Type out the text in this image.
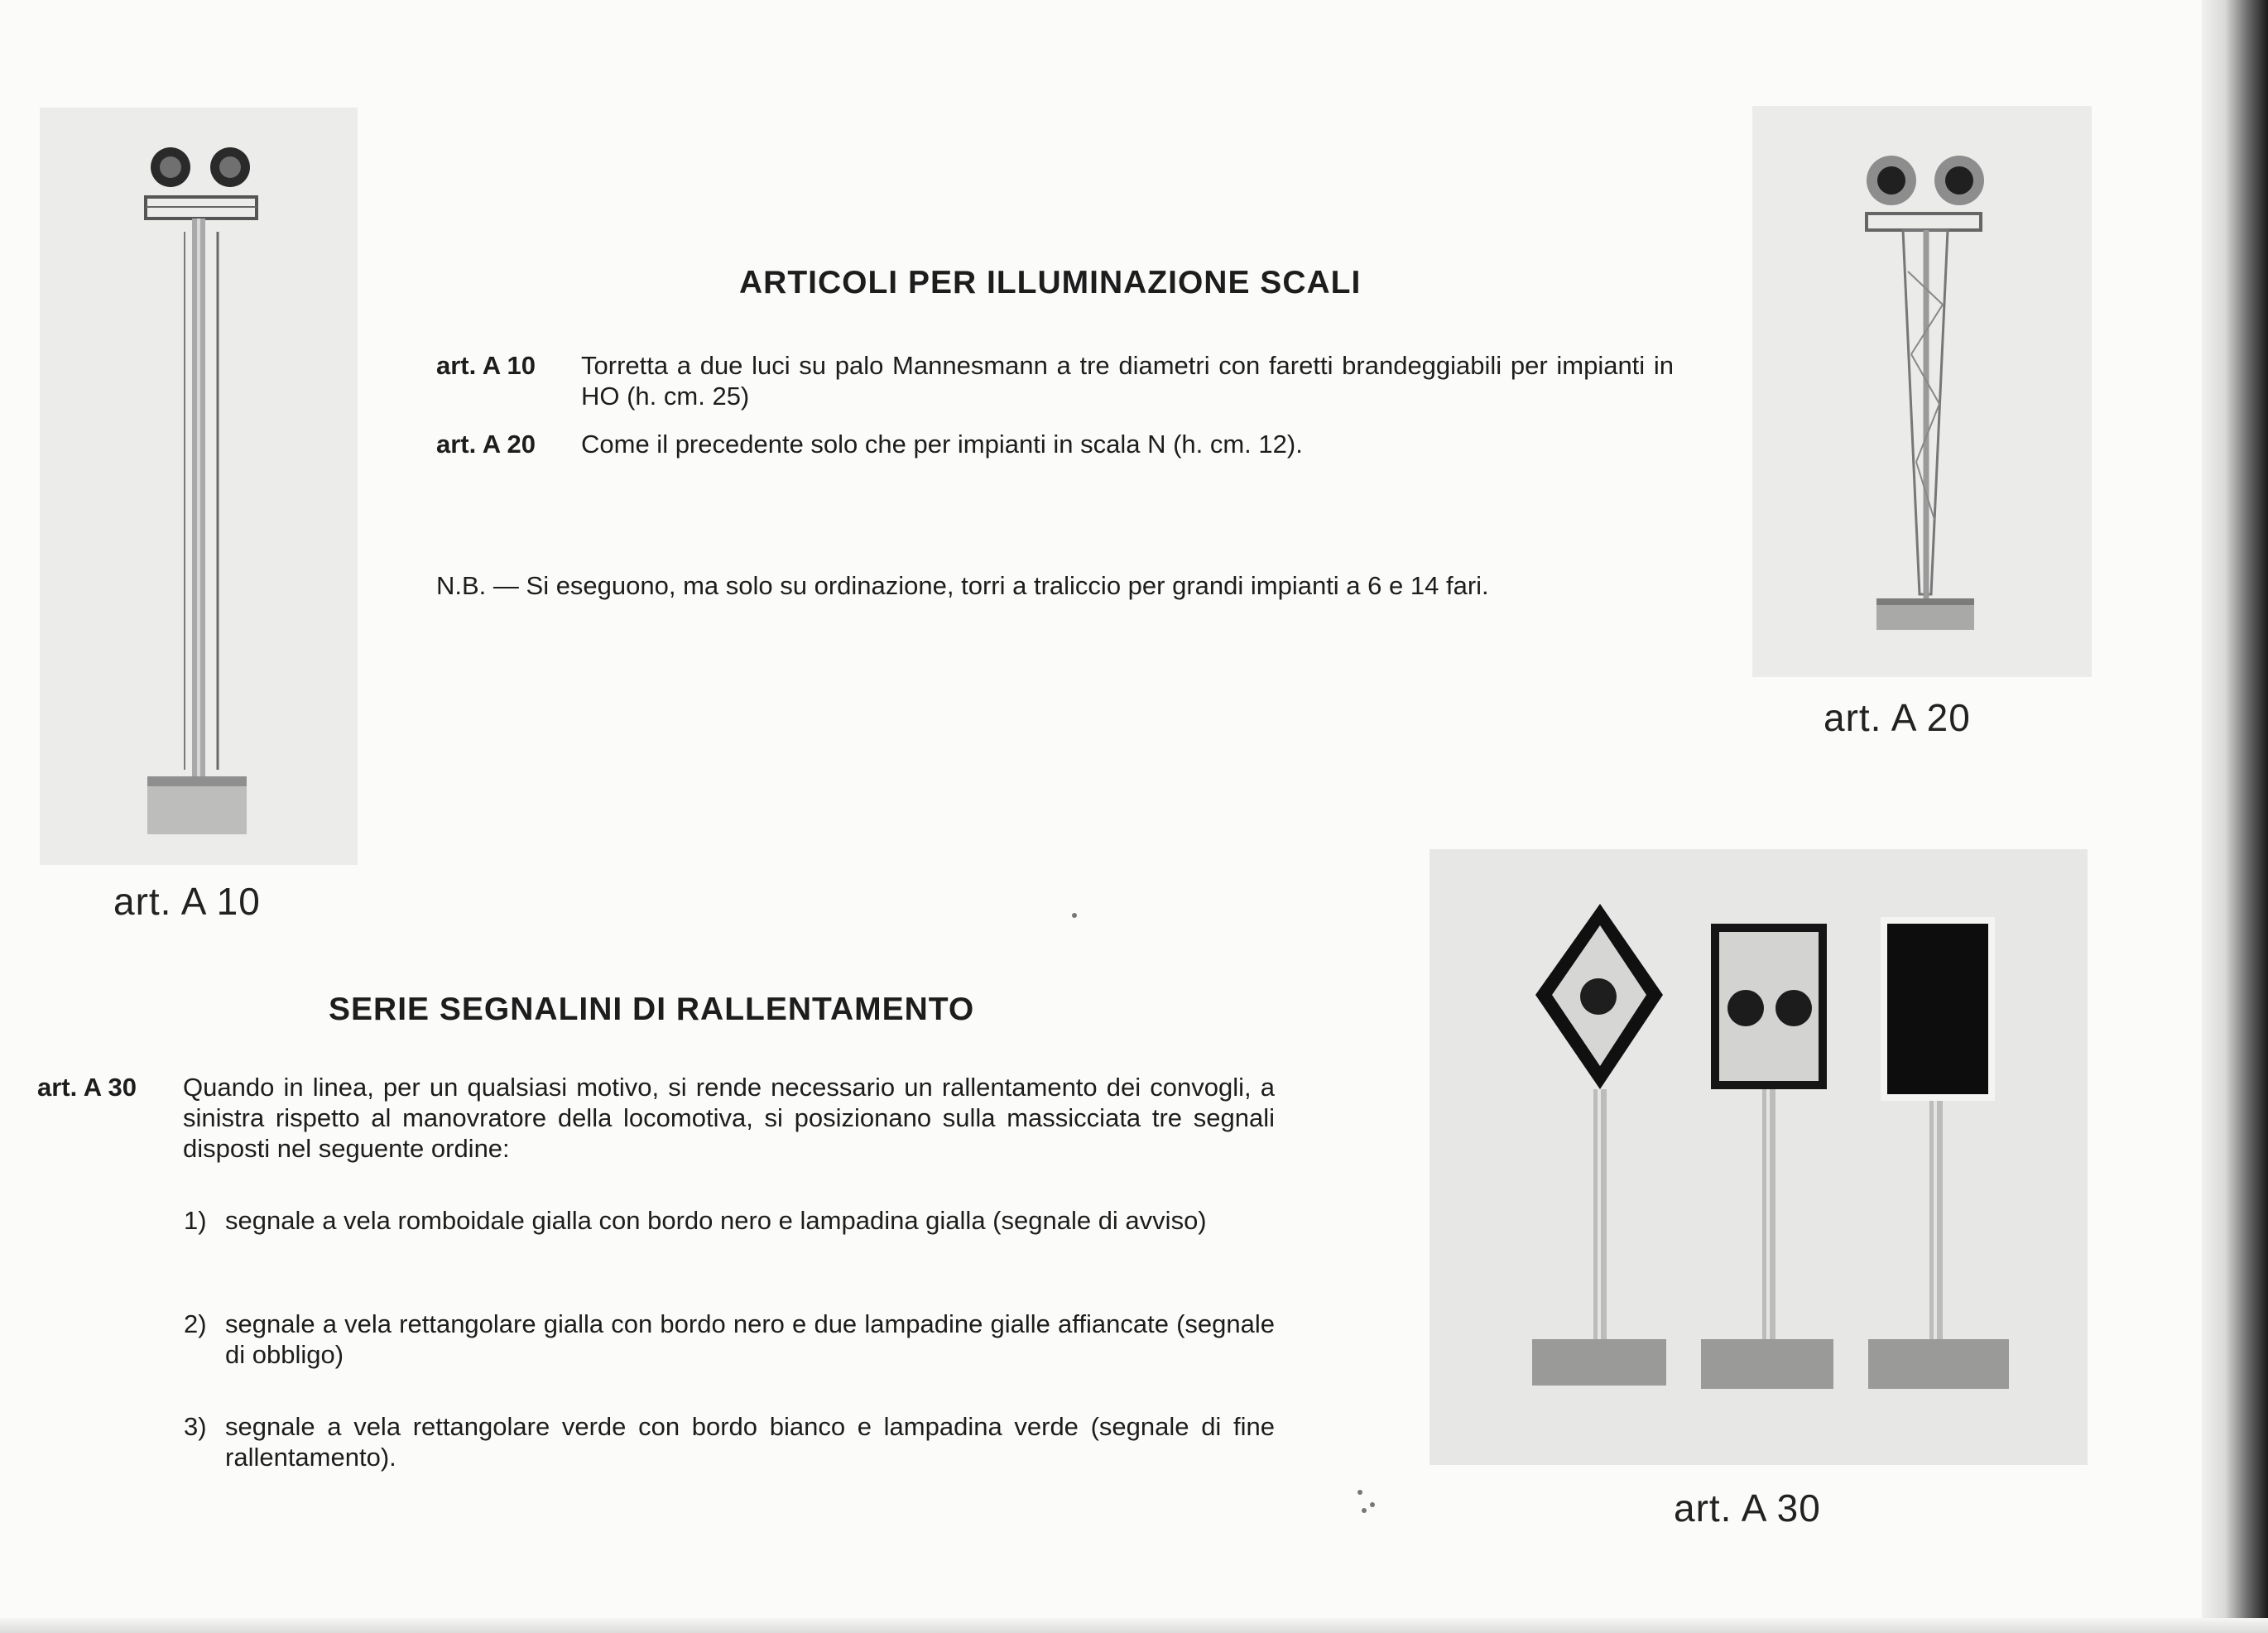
art. A 10
art. A 20
art. A 30
ARTICOLI PER ILLUMINAZIONE SCALI
art. A 10	Torretta a due luci su palo Mannesmann a tre diametri con faretti brandeggiabili per impianti in HO (h. cm. 25)
art. A 20	Come il precedente solo che per impianti in scala N (h. cm. 12).
N.B. — Si eseguono, ma solo su ordinazione, torri a traliccio per grandi impianti a 6 e 14 fari.
SERIE SEGNALINI DI RALLENTAMENTO
art. A 30	Quando in linea, per un qualsiasi motivo, si rende necessario un rallentamento dei convogli, a sinistra rispetto al manovratore della locomotiva, si posizionano sulla massicciata tre segnali disposti nel seguente ordine:
1) segnale a vela romboidale gialla con bordo nero e lampadina gialla (segnale di avviso)
2) segnale a vela rettangolare gialla con bordo nero e due lampadine gialle affiancate (segnale di obbligo)
3) segnale a vela rettangolare verde con bordo bianco e lampadina verde (segnale di fine rallentamento).
